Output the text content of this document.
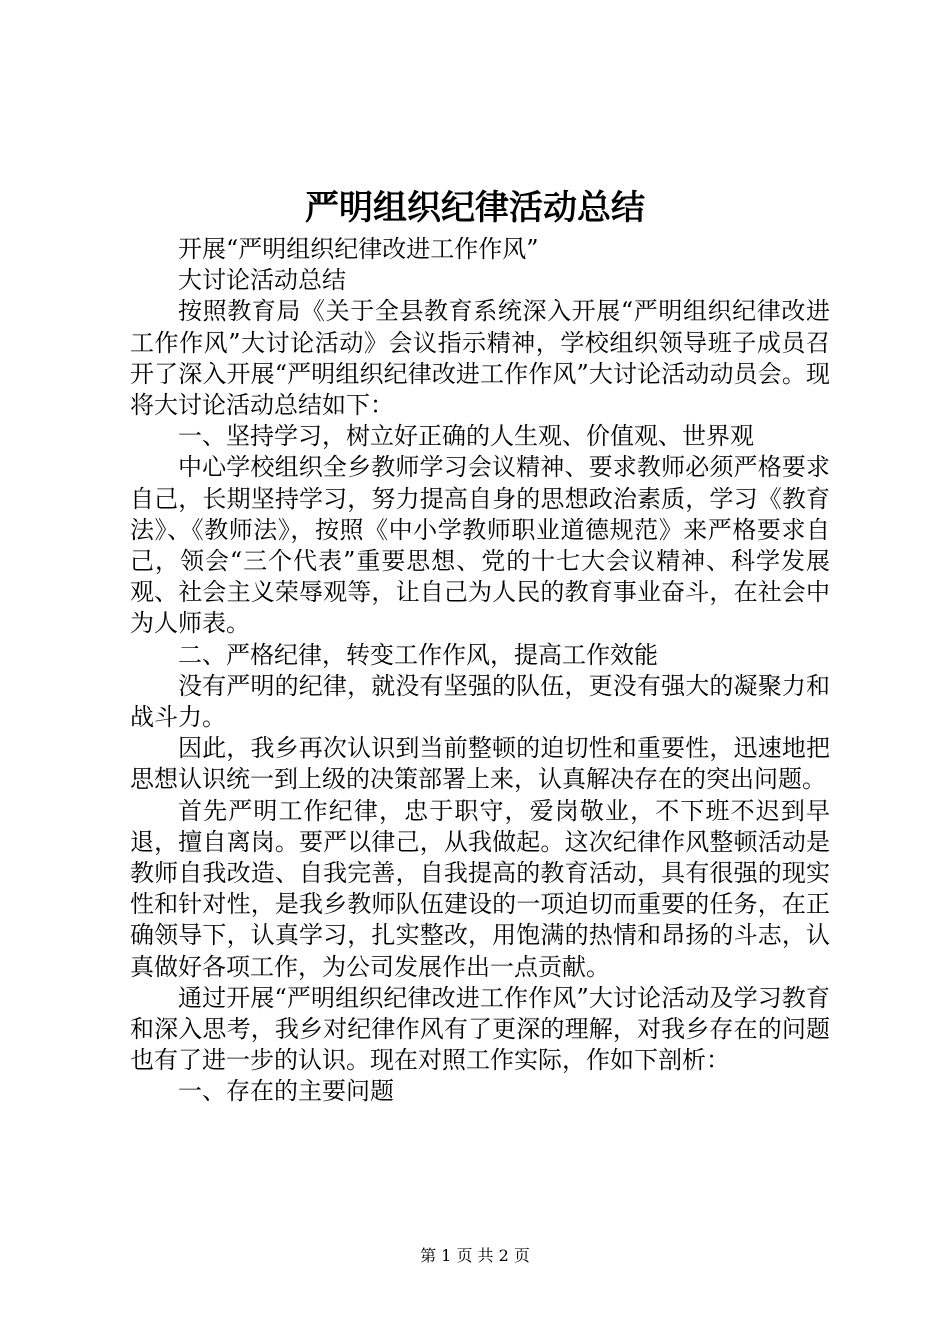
严明组织纪律活动总结

开展“严明组织纪律改进工作作风”

大讨论活动总结

按照教育局《关于全县教育系统深入开展“严明组织纪律改进工作作风”大讨论活动》会议指示精神，学校组织领导班子成员召开了深入开展“严明组织纪律改进工作作风”大讨论活动动员会。现将大讨论活动总结如下：

一、坚持学习，树立好正确的人生观、价值观、世界观

中心学校组织全乡教师学习会议精神、要求教师必须严格要求自己，长期坚持学习，努力提高自身的思想政治素质，学习《教育法》、《教师法》，按照《中小学教师职业道德规范》来严格要求自己，领会“三个代表”重要思想、党的十七大会议精神、科学发展观、社会主义荣辱观等，让自己为人民的教育事业奋斗，在社会中为人师表。

二、严格纪律，转变工作作风，提高工作效能

没有严明的纪律，就没有坚强的队伍，更没有强大的凝聚力和战斗力。

因此，我乡再次认识到当前整顿的迫切性和重要性，迅速地把思想认识统一到上级的决策部署上来，认真解决存在的突出问题。

首先严明工作纪律，忠于职守，爱岗敬业，不下班不迟到早退，擅自离岗。要严以律己，从我做起。这次纪律作风整顿活动是教师自我改造、自我完善，自我提高的教育活动，具有很强的现实性和针对性，是我乡教师队伍建设的一项迫切而重要的任务，在正确领导下，认真学习，扎实整改，用饱满的热情和昂扬的斗志，认真做好各项工作，为公司发展作出一点贡献。

通过开展“严明组织纪律改进工作作风”大讨论活动及学习教育和深入思考，我乡对纪律作风有了更深的理解，对我乡存在的问题也有了进一步的认识。现在对照工作实际，作如下剖析：

一、存在的主要问题

第 1 页 共 2 页
